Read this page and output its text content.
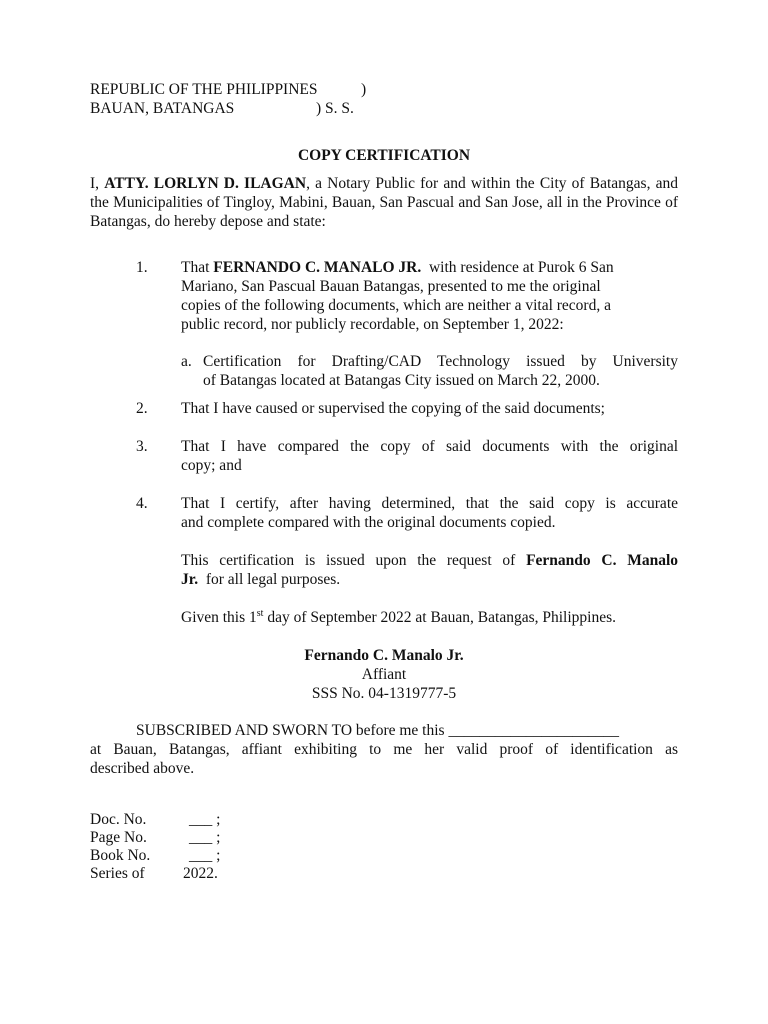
REPUBLIC OF THE PHILIPPINES	)
BAUAN, BATANGAS	) S. S.
COPY CERTIFICATION
I, ATTY. LORLYN D. ILAGAN, a Notary Public for and within the City of Batangas, and the Municipalities of Tingloy, Mabini, Bauan, San Pascual and San Jose, all in the Province of Batangas, do hereby depose and state:
1. That FERNANDO C. MANALO JR. with residence at Purok 6 San
Mariano, San Pascual Bauan Batangas, presented to me the original
copies of the following documents, which are neither a vital record, a
public record, nor publicly recordable, on September 1, 2022:
a. Certification for Drafting/CAD Technology issued by University
of Batangas located at Batangas City issued on March 22, 2000.
2. That I have caused or supervised the copying of the said documents;
3. That I have compared the copy of said documents with the original
copy; and
4. That I certify, after having determined, that the said copy is accurate
and complete compared with the original documents copied.
This certification is issued upon the request of Fernando C. Manalo
Jr. for all legal purposes.
Given this 1st day of September 2022 at Bauan, Batangas, Philippines.
Fernando C. Manalo Jr.
Affiant
SSS No. 04-1319777-5
SUBSCRIBED AND SWORN TO before me this ______________________
at Bauan, Batangas, affiant exhibiting to me her valid proof of identification as
described above.
Doc. No.	___ ;
Page No.	___ ;
Book No. ___ ;
Series of 2022.
